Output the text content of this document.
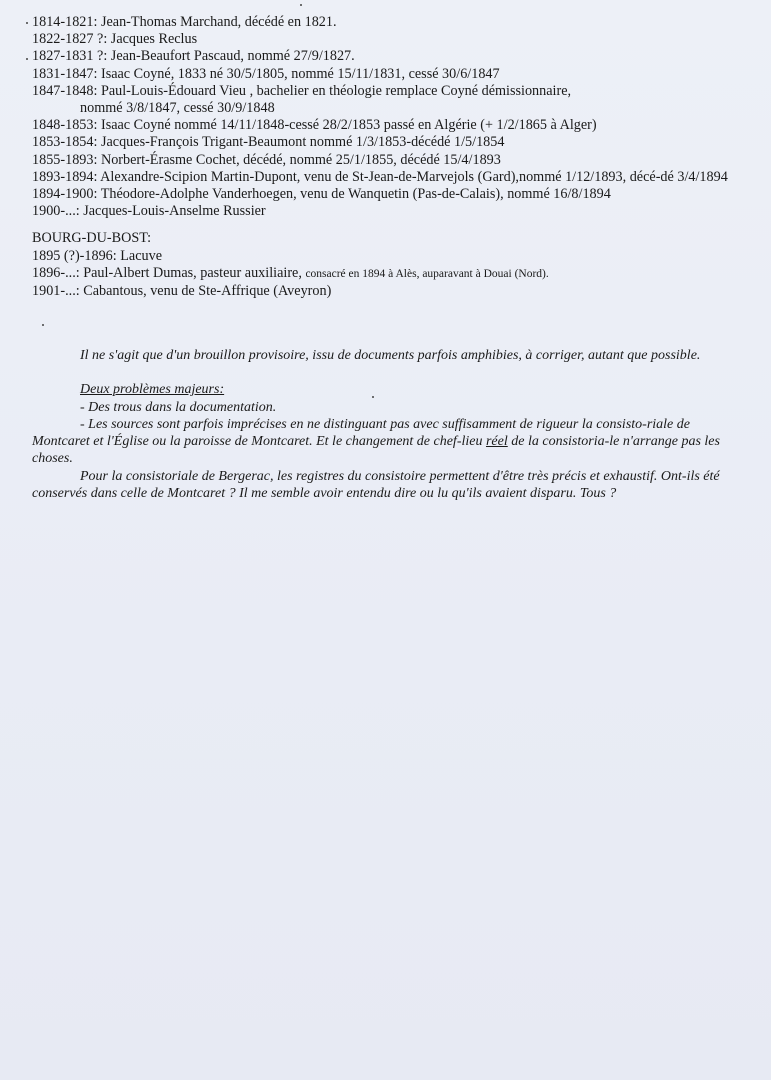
1814-1821: Jean-Thomas Marchand, décédé en 1821.
1822-1827 ?: Jacques Reclus
1827-1831 ?: Jean-Beaufort Pascaud, nommé 27/9/1827.
1831-1847: Isaac Coyné, 1833 né 30/5/1805, nommé 15/11/1831, cessé 30/6/1847
1847-1848: Paul-Louis-Édouard Vieu , bachelier en théologie remplace Coyné démissionnaire,
nommé 3/8/1847, cessé 30/9/1848
1848-1853: Isaac Coyné nommé 14/11/1848-cessé 28/2/1853 passé en Algérie (+ 1/2/1865 à Alger)
1853-1854: Jacques-François Trigant-Beaumont nommé 1/3/1853-décédé 1/5/1854
1855-1893: Norbert-Érasme Cochet, décédé, nommé 25/1/1855, décédé 15/4/1893
1893-1894: Alexandre-Scipion Martin-Dupont, venu de St-Jean-de-Marvejols (Gard),nommé 1/12/1893, décé-dé 3/4/1894
1894-1900: Théodore-Adolphe Vanderhoegen, venu de Wanquetin (Pas-de-Calais), nommé 16/8/1894
1900-...: Jacques-Louis-Anselme Russier
BOURG-DU-BOST:
1895 (?)-1896: Lacuve
1896-...: Paul-Albert Dumas, pasteur auxiliaire, consacré en 1894 à Alès, auparavant à Douai (Nord).
1901-...: Cabantous, venu de Ste-Affrique (Aveyron)

Il ne s'agit que d'un brouillon provisoire, issu de documents parfois amphibies, à corriger, autant que possible.

Deux problèmes majeurs:

- Des trous dans la documentation.

- Les sources sont parfois imprécises en ne distinguant pas avec suffisamment de rigueur la consisto-riale de Montcaret et l'Église ou la paroisse de Montcaret. Et le changement de chef-lieu réel de la consistoria-le n'arrange pas les choses.

Pour la consistoriale de Bergerac, les registres du consistoire permettent d'être très précis et exhaustif. Ont-ils été conservés dans celle de Montcaret ? Il me semble avoir entendu dire ou lu qu'ils avaient disparu. Tous ?
